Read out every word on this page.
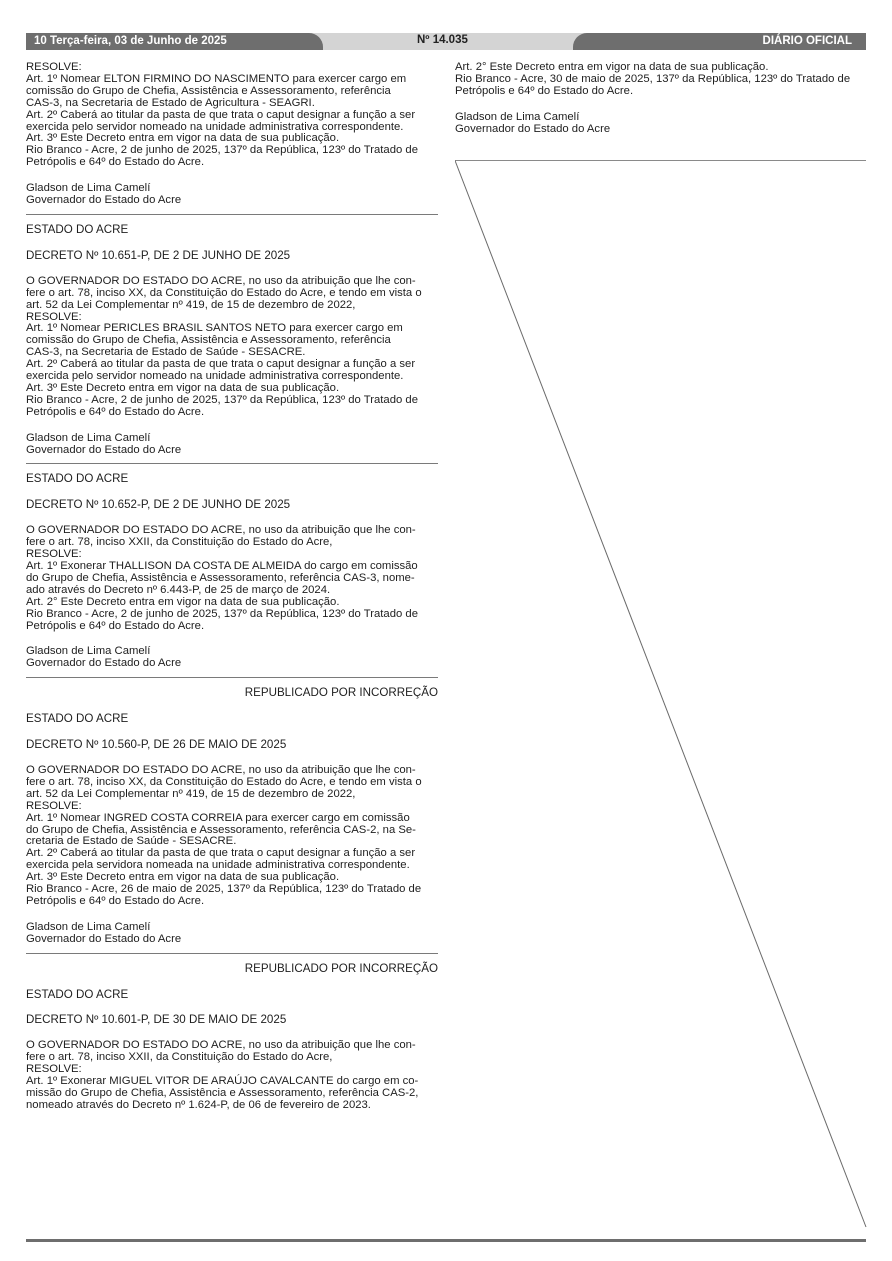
10 Terça-feira, 03 de Junho de 2025	Nº 14.035	DIÁRIO OFICIAL

RESOLVE:

Art. 1º Nomear ELTON FIRMINO DO NASCIMENTO para exercer cargo em

comissão do Grupo de Chefia, Assistência e Assessoramento, referência

CAS-3, na Secretaria de Estado de Agricultura - SEAGRI.

Art. 2º Caberá ao titular da pasta de que trata o caput designar a função a ser

exercida pelo servidor nomeado na unidade administrativa correspondente.

Art. 3º Este Decreto entra em vigor na data de sua publicação.

Rio Branco - Acre, 2 de junho de 2025, 137º da República, 123º do Tratado de

Petrópolis e 64º do Estado do Acre.

Gladson de Lima Camelí

Governador do Estado do Acre

ESTADO DO ACRE

DECRETO Nº 10.651-P, DE 2 DE JUNHO DE 2025

O GOVERNADOR DO ESTADO DO ACRE, no uso da atribuição que lhe con-

fere o art. 78, inciso XX, da Constituição do Estado do Acre, e tendo em vista o

art. 52 da Lei Complementar nº 419, de 15 de dezembro de 2022,

RESOLVE:

Art. 1º Nomear PERICLES BRASIL SANTOS NETO para exercer cargo em

comissão do Grupo de Chefia, Assistência e Assessoramento, referência

CAS-3, na Secretaria de Estado de Saúde - SESACRE.

Art. 2º Caberá ao titular da pasta de que trata o caput designar a função a ser

exercida pelo servidor nomeado na unidade administrativa correspondente.

Art. 3º Este Decreto entra em vigor na data de sua publicação.

Rio Branco - Acre, 2 de junho de 2025, 137º da República, 123º do Tratado de

Petrópolis e 64º do Estado do Acre.

Gladson de Lima Camelí

Governador do Estado do Acre

ESTADO DO ACRE

DECRETO Nº 10.652-P, DE 2 DE JUNHO DE 2025

O GOVERNADOR DO ESTADO DO ACRE, no uso da atribuição que lhe con-

fere o art. 78, inciso XXII, da Constituição do Estado do Acre,

RESOLVE:

Art. 1º Exonerar THALLISON DA COSTA DE ALMEIDA do cargo em comissão

do Grupo de Chefia, Assistência e Assessoramento, referência CAS-3, nome-

ado através do Decreto nº 6.443-P, de 25 de março de 2024.

Art. 2° Este Decreto entra em vigor na data de sua publicação.

Rio Branco - Acre, 2 de junho de 2025, 137º da República, 123º do Tratado de

Petrópolis e 64º do Estado do Acre.

Gladson de Lima Camelí

Governador do Estado do Acre

REPUBLICADO POR INCORREÇÃO

ESTADO DO ACRE

DECRETO Nº 10.560-P, DE 26 DE MAIO DE 2025

O GOVERNADOR DO ESTADO DO ACRE, no uso da atribuição que lhe con-

fere o art. 78, inciso XX, da Constituição do Estado do Acre, e tendo em vista o

art. 52 da Lei Complementar nº 419, de 15 de dezembro de 2022,

RESOLVE:

Art. 1º Nomear INGRED COSTA CORREIA para exercer cargo em comissão

do Grupo de Chefia, Assistência e Assessoramento, referência CAS-2, na Se-

cretaria de Estado de Saúde - SESACRE.

Art. 2º Caberá ao titular da pasta de que trata o caput designar a função a ser

exercida pela servidora nomeada na unidade administrativa correspondente.

Art. 3º Este Decreto entra em vigor na data de sua publicação.

Rio Branco - Acre, 26 de maio de 2025, 137º da República, 123º do Tratado de

Petrópolis e 64º do Estado do Acre.

Gladson de Lima Camelí

Governador do Estado do Acre

REPUBLICADO POR INCORREÇÃO

ESTADO DO ACRE

DECRETO Nº 10.601-P, DE 30 DE MAIO DE 2025

O GOVERNADOR DO ESTADO DO ACRE, no uso da atribuição que lhe con-

fere o art. 78, inciso XXII, da Constituição do Estado do Acre,

RESOLVE:

Art. 1º Exonerar MIGUEL VITOR DE ARAÚJO CAVALCANTE do cargo em co-

missão do Grupo de Chefia, Assistência e Assessoramento, referência CAS-2,

nomeado através do Decreto nº 1.624-P, de 06 de fevereiro de 2023.

Art. 2° Este Decreto entra em vigor na data de sua publicação.

Rio Branco - Acre, 30 de maio de 2025, 137º da República, 123º do Tratado de

Petrópolis e 64º do Estado do Acre.

Gladson de Lima Camelí

Governador do Estado do Acre
